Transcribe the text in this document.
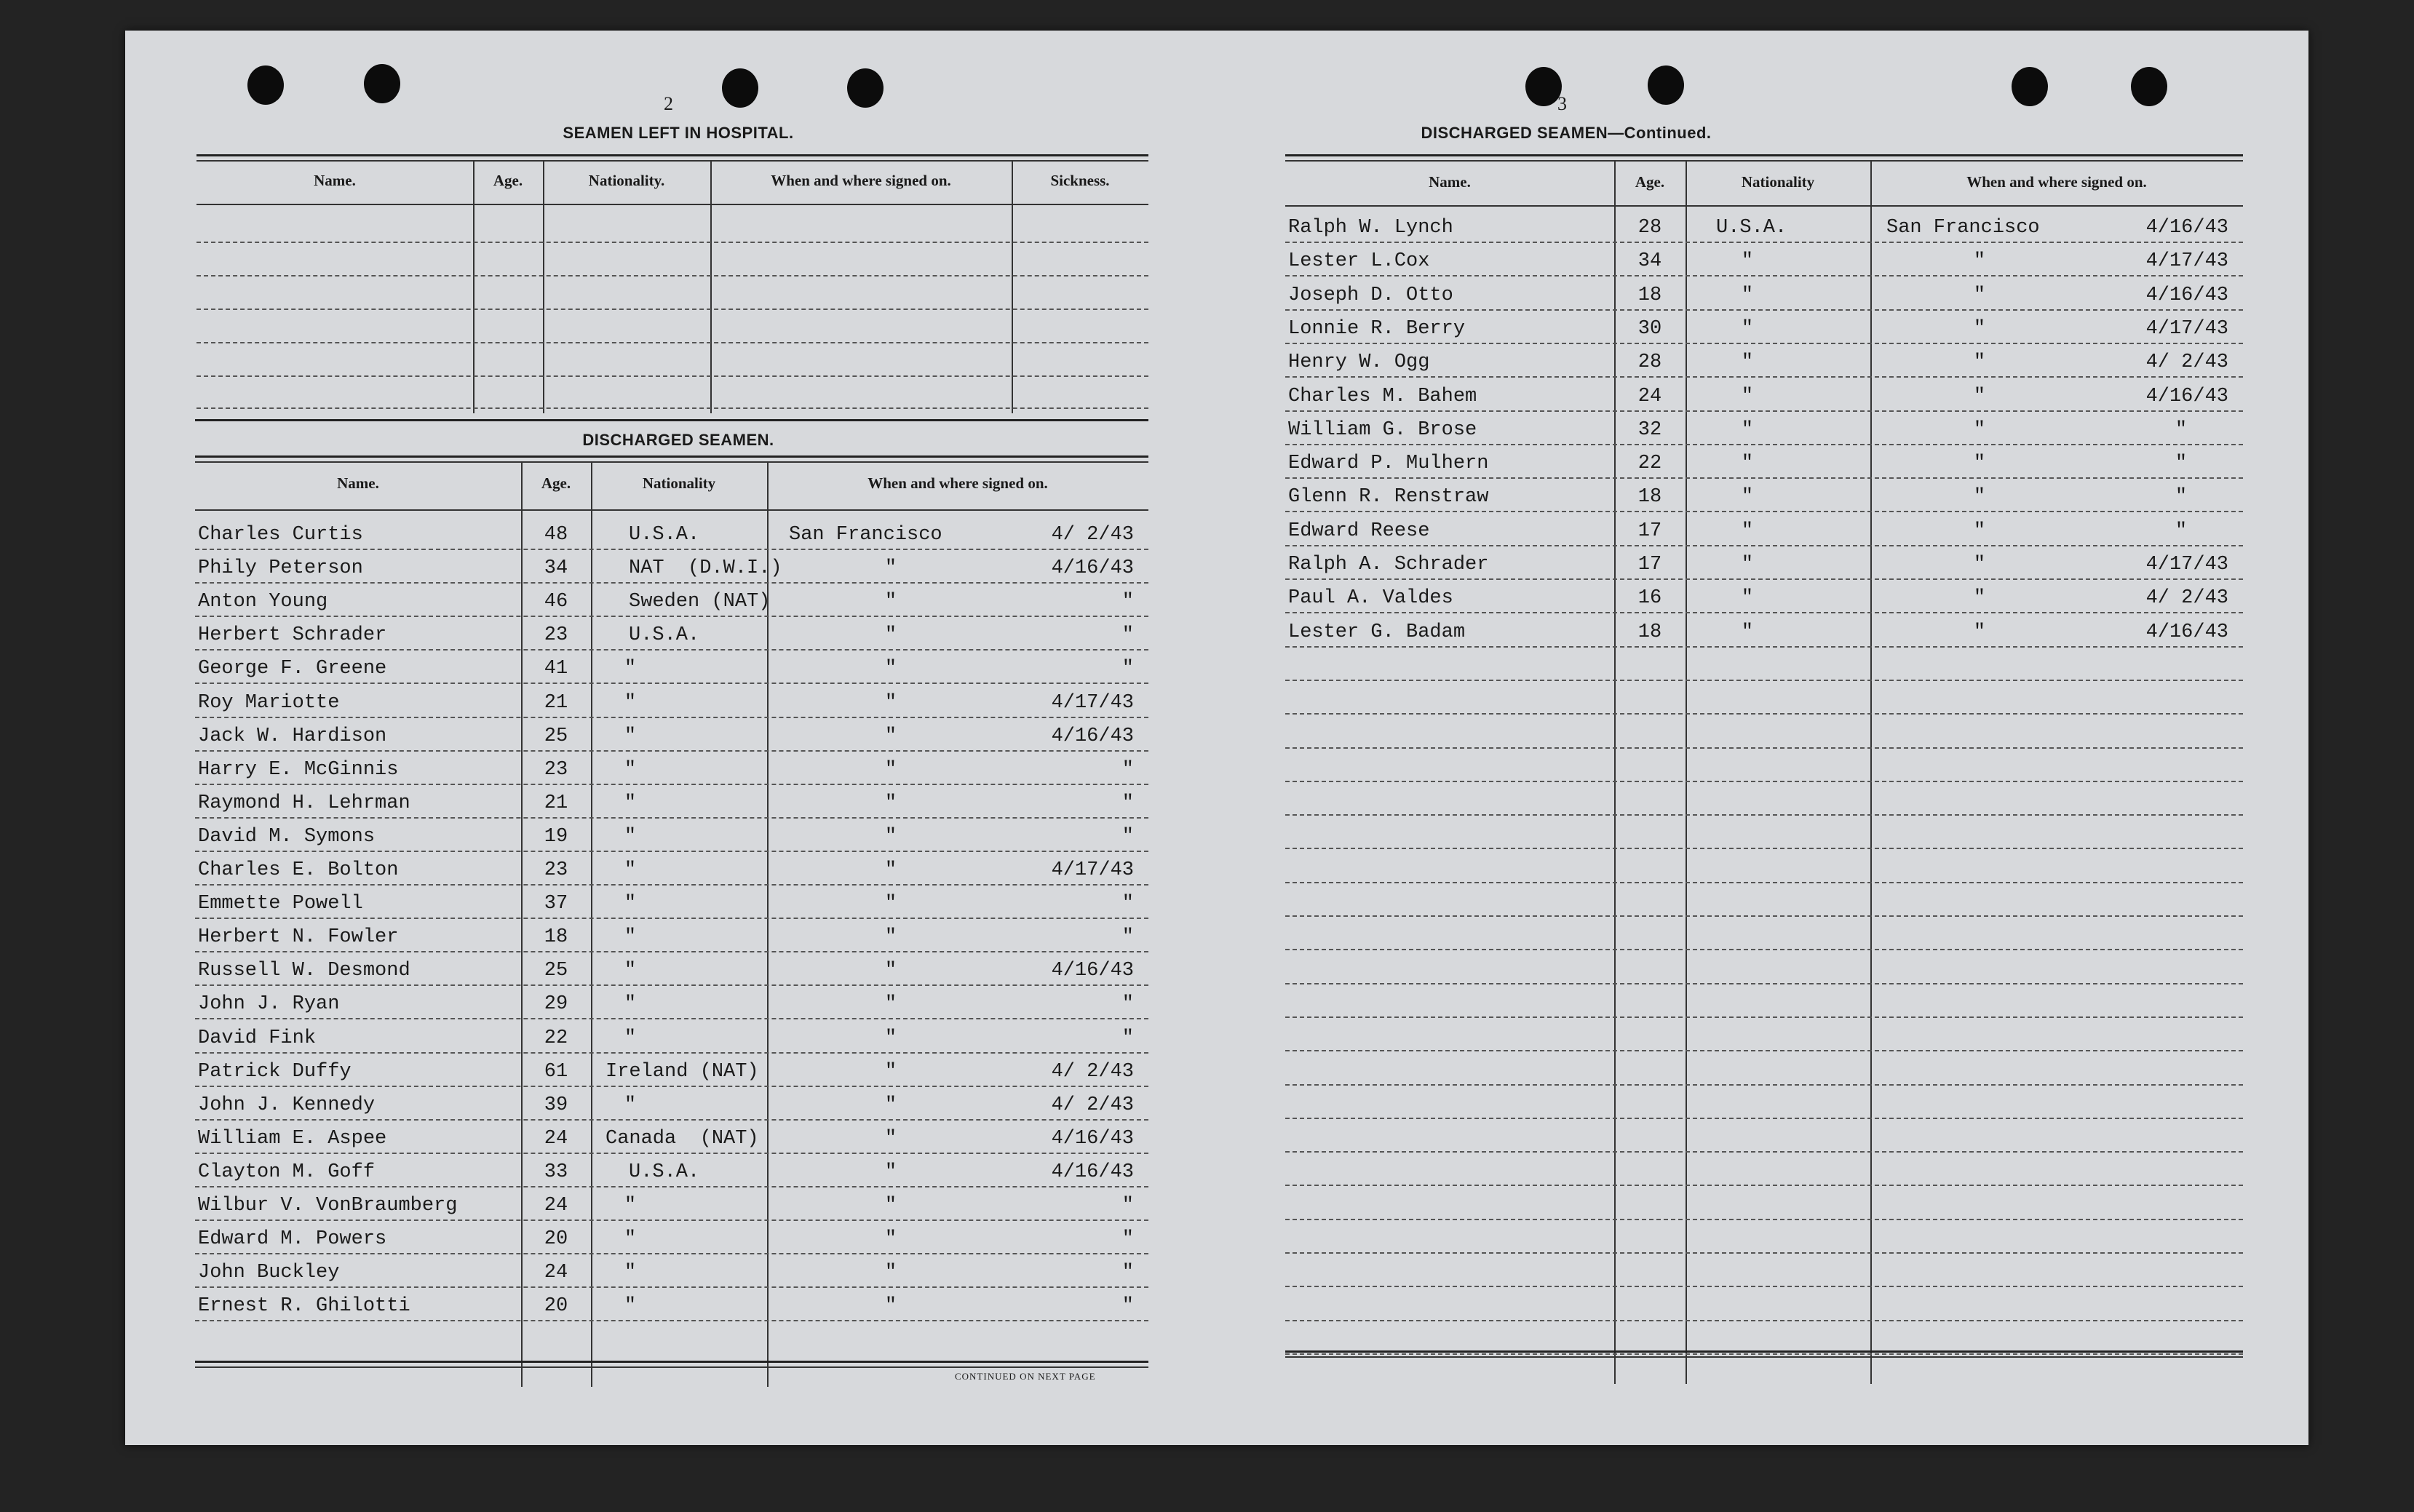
2
SEAMEN LEFT IN HOSPITAL.
Name.	Age.	Nationality.	When and where signed on.	Sickness.
DISCHARGED SEAMEN.
Name.	Age.	Nationality	When and where signed on.
Charles Curtis	48	U.S.A.	San Francisco	4/ 2/43
Phily Peterson	34	NAT  (D.W.I.)	"	4/16/43
Anton Young	46	Sweden (NAT)	"	"
Herbert Schrader	23	U.S.A.	"	"
George F. Greene	41	"	"	"
Roy Mariotte	21	"	"	4/17/43
Jack W. Hardison	25	"	"	4/16/43
Harry E. McGinnis	23	"	"	"
Raymond H. Lehrman	21	"	"	"
David M. Symons	19	"	"	"
Charles E. Bolton	23	"	"	4/17/43
Emmette Powell	37	"	"	"
Herbert N. Fowler	18	"	"	"
Russell W. Desmond	25	"	"	4/16/43
John J. Ryan	29	"	"	"
David Fink	22	"	"	"
Patrick Duffy	61	Ireland (NAT)	"	4/ 2/43
John J. Kennedy	39	"	"	4/ 2/43
William E. Aspee	24	Canada  (NAT)	"	4/16/43
Clayton M. Goff	33	U.S.A.	"	4/16/43
Wilbur V. VonBraumberg	24	"	"	"
Edward M. Powers	20	"	"	"
John Buckley	24	"	"	"
Ernest R. Ghilotti	20	"	"	"
CONTINUED ON NEXT PAGE
3
DISCHARGED SEAMEN—Continued.
Name.	Age.	Nationality	When and where signed on.
Ralph W. Lynch	28	U.S.A.	San Francisco	4/16/43
Lester L.Cox	34	"	"	4/17/43
Joseph D. Otto	18	"	"	4/16/43
Lonnie R. Berry	30	"	"	4/17/43
Henry W. Ogg	28	"	"	4/ 2/43
Charles M. Bahem	24	"	"	4/16/43
William G. Brose	32	"	"	"
Edward P. Mulhern	22	"	"	"
Glenn R. Renstraw	18	"	"	"
Edward Reese	17	"	"	"
Ralph A. Schrader	17	"	"	4/17/43
Paul A. Valdes	16	"	"	4/ 2/43
Lester G. Badam	18	"	"	4/16/43
